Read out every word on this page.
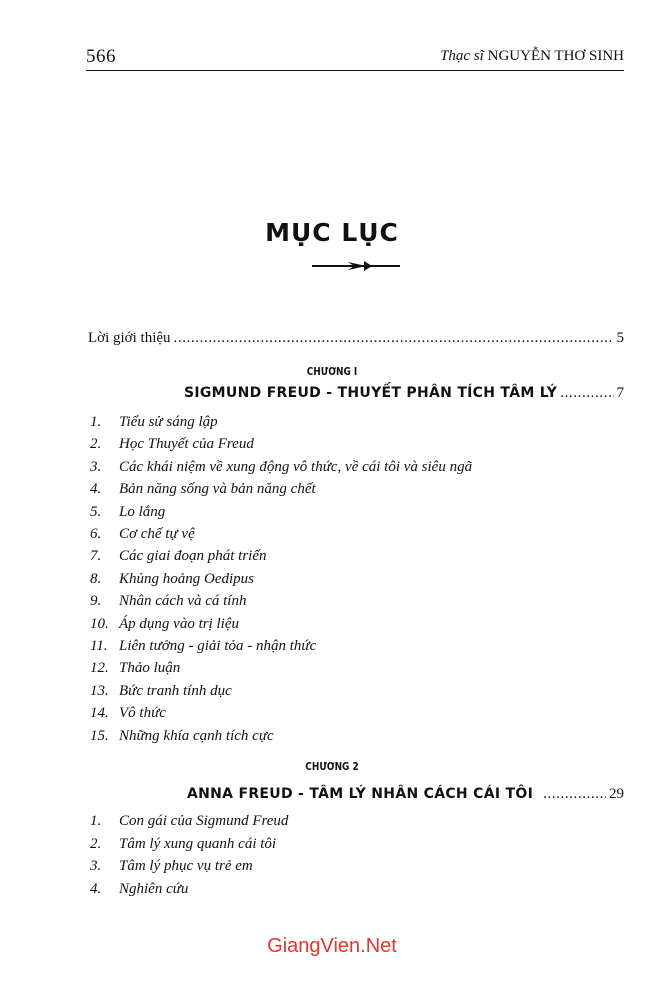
566	Thạc sĩ NGUYỄN THƠ SINH
MỤC LỤC
Lời giới thiệu .....	5
CHƯƠNG I
SIGMUND FREUD - THUYẾT PHÂN TÍCH TÂM LÝ .....	7
1. Tiểu sử sáng lập
2. Học Thuyết của Freud
3. Các khái niệm về xung động vô thức, về cái tôi và siêu ngã
4. Bản năng sống và bản năng chết
5. Lo lắng
6. Cơ chế tự vệ
7. Các giai đoạn phát triển
8. Khủng hoảng Oedipus
9. Nhân cách và cá tính
10. Áp dụng vào trị liệu
11. Liên tưởng - giải tỏa - nhận thức
12. Thảo luận
13. Bức tranh tính dục
14. Vô thức
15. Những khía cạnh tích cực
CHƯƠNG 2
ANNA FREUD - TÂM LÝ NHÂN CÁCH CÁI TÔI .....	29
1. Con gái của Sigmund Freud
2. Tâm lý xung quanh cái tôi
3. Tâm lý phục vụ trẻ em
4. Nghiên cứu
GiangVien.Net
